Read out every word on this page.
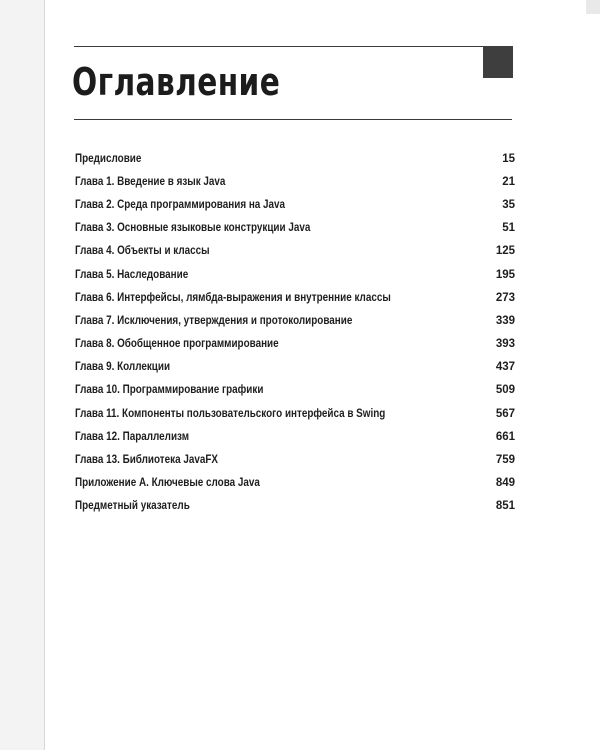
Оглавление
Предисловие	15
Глава 1. Введение в язык Java	21
Глава 2. Среда программирования на Java	35
Глава 3. Основные языковые конструкции Java	51
Глава 4. Объекты и классы	125
Глава 5. Наследование	195
Глава 6. Интерфейсы, лямбда-выражения и внутренние классы	273
Глава 7. Исключения, утверждения и протоколирование	339
Глава 8. Обобщенное программирование	393
Глава 9. Коллекции	437
Глава 10. Программирование графики	509
Глава 11. Компоненты пользовательского интерфейса в Swing	567
Глава 12. Параллелизм	661
Глава 13. Библиотека JavaFX	759
Приложение А. Ключевые слова Java	849
Предметный указатель	851
